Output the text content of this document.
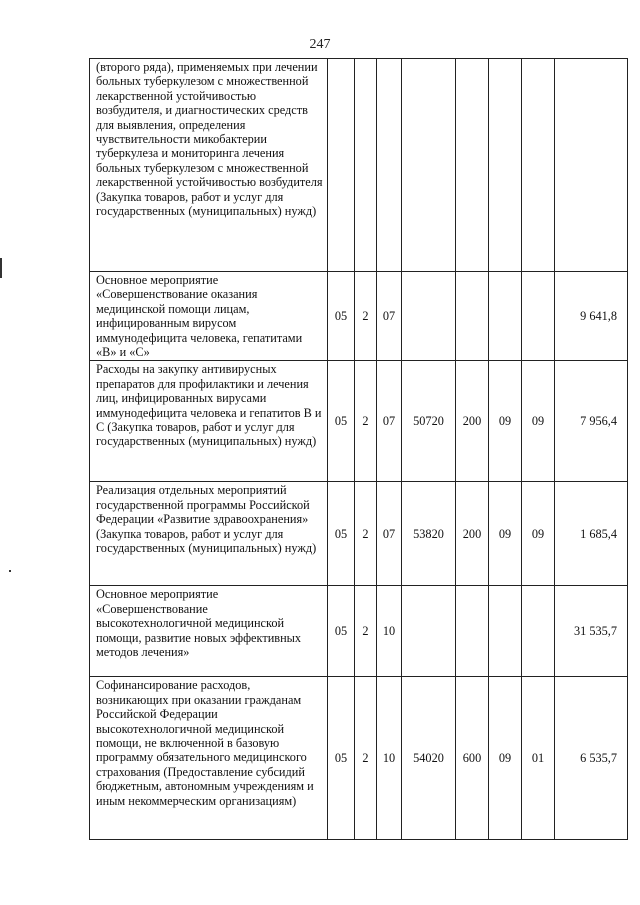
247
(второго ряда), применяемых при лечении больных туберкулезом с множественной лекарственной устойчивостью возбудителя, и диагностических средств для выявления, определения чувствительности микобактерии туберкулеза и мониторинга лечения больных туберкулезом с множественной лекарственной устойчивостью возбудителя (Закупка товаров, работ и услуг для государственных (муниципальных) нужд)								
Основное мероприятие «Совершенствование оказания медицинской помощи лицам, инфицированным вирусом иммунодефицита человека, гепатитами «В» и «С»	05	2	07					9 641,8
Расходы на закупку антивирусных препаратов для профилактики и лечения лиц, инфицированных вирусами иммунодефицита человека и гепатитов В и С (Закупка товаров, работ и услуг для государственных (муниципальных) нужд)	05	2	07	50720	200	09	09	7 956,4
Реализация отдельных мероприятий государственной программы Российской Федерации «Развитие здравоохранения» (Закупка товаров, работ и услуг для государственных (муниципальных) нужд)	05	2	07	53820	200	09	09	1 685,4
Основное мероприятие «Совершенствование высокотехнологичной медицинской помощи, развитие новых эффективных методов лечения»	05	2	10					31 535,7
Софинансирование расходов, возникающих при оказании гражданам Российской Федерации высокотехнологичной медицинской помощи, не включенной в базовую программу обязательного медицинского страхования (Предоставление субсидий бюджетным, автономным учреждениям и иным некоммерческим организациям)	05	2	10	54020	600	09	01	6 535,7
